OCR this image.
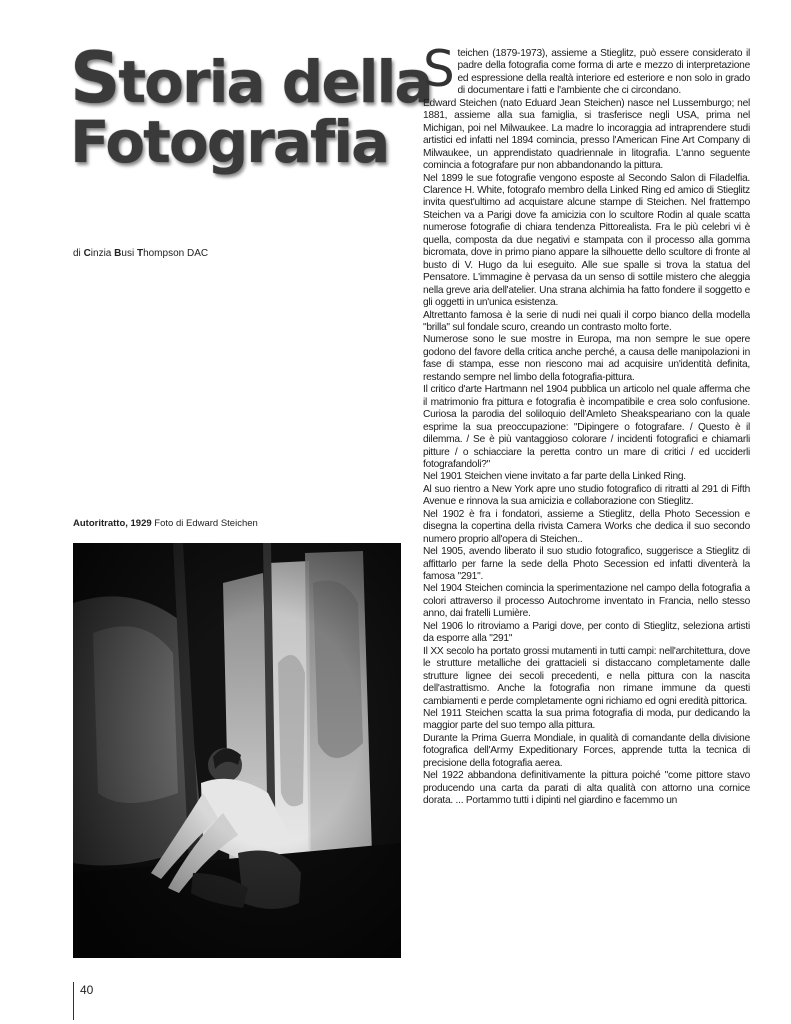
Storia della
Fotografia
di Cinzia Busi Thompson DAC
Autoritratto, 1929 Foto di Edward Steichen
S teichen (1879-1973), assieme a Stieglitz, può essere considerato il padre della fotografia come forma di arte e mezzo di interpretazione ed espressione della realtà interiore ed esteriore e non solo in grado di documentare i fatti e l'ambiente che ci circondano.

Edward Steichen (nato Eduard Jean Steichen) nasce nel Lussemburgo; nel 1881, assieme alla sua famiglia, si trasferisce negli USA, prima nel Michigan, poi nel Milwaukee. La madre lo incoraggia ad intraprendere studi artistici ed infatti nel 1894 comincia, presso l'American Fine Art Company di Milwaukee, un apprendistato quadriennale in litografia. L'anno seguente comincia a fotografare pur non abbandonando la pittura.

Nel 1899 le sue fotografie vengono esposte al Secondo Salon di Filadelfia. Clarence H. White, fotografo membro della Linked Ring ed amico di Stieglitz invita quest'ultimo ad acquistare alcune stampe di Steichen. Nel frattempo Steichen va a Parigi dove fa amicizia con lo scultore Rodin al quale scatta numerose fotografie di chiara tendenza Pittorealista. Fra le più celebri vi è quella, composta da due negativi e stampata con il processo alla gomma bicromata, dove in primo piano appare la silhouette dello scultore di fronte al busto di V. Hugo da lui eseguito. Alle sue spalle si trova la statua del Pensatore. L'immagine è pervasa da un senso di sottile mistero che aleggia nella greve aria dell'atelier. Una strana alchimia ha fatto fondere il soggetto e gli oggetti in un'unica esistenza.

Altrettanto famosa è la serie di nudi nei quali il corpo bianco della modella "brilla" sul fondale scuro, creando un contrasto molto forte.

Numerose sono le sue mostre in Europa, ma non sempre le sue opere godono del favore della critica anche perché, a causa delle manipolazioni in fase di stampa, esse non riescono mai ad acquisire un'identità definita, restando sempre nel limbo della fotografia-pittura.

Il critico d'arte Hartmann nel 1904 pubblica un articolo nel quale afferma che il matrimonio fra pittura e fotografia è incompatibile e crea solo confusione. Curiosa la parodia del soliloquio dell'Amleto Sheakspeariano con la quale esprime la sua preoccupazione: "Dipingere o fotografare. / Questo è il dilemma. / Se è più vantaggioso colorare / incidenti fotografici e chiamarli pitture / o schiacciare la peretta contro un mare di critici / ed ucciderli fotografandoli?"

Nel 1901 Steichen viene invitato a far parte della Linked Ring.

Al suo rientro a New York apre uno studio fotografico di ritratti al 291 di Fifth Avenue e rinnova la sua amicizia e collaborazione con Stieglitz.

Nel 1902 è fra i fondatori, assieme a Stieglitz, della Photo Secession e disegna la copertina della rivista Camera Works che dedica il suo secondo numero proprio all'opera di Steichen..

Nel 1905, avendo liberato il suo studio fotografico, suggerisce a Stieglitz di affittarlo per farne la sede della Photo Secession ed infatti diventerà la famosa "291".

Nel 1904 Steichen comincia la sperimentazione nel campo della fotografia a colori attraverso il processo Autochrome inventato in Francia, nello stesso anno, dai fratelli Lumière.

Nel 1906 lo ritroviamo a Parigi dove, per conto di Stieglitz, seleziona artisti da esporre alla "291"

Il XX secolo ha portato grossi mutamenti in tutti campi: nell'architettura, dove le strutture metalliche dei grattacieli si distaccano completamente dalle strutture lignee dei secoli precedenti, e nella pittura con la nascita dell'astrattismo. Anche la fotografia non rimane immune da questi cambiamenti e perde completamente ogni richiamo ed ogni eredità pittorica.

Nel 1911 Steichen scatta la sua prima fotografia di moda, pur dedicando la maggior parte del suo tempo alla pittura.

Durante la Prima Guerra Mondiale, in qualità di comandante della divisione fotografica dell'Army Expeditionary Forces, apprende tutta la tecnica di precisione della fotografia aerea.

Nel 1922 abbandona definitivamente la pittura poiché "come pittore stavo producendo una carta da parati di alta qualità con attorno una cornice dorata. ... Portammo tutti i dipinti nel giardino e facemmo un

40
